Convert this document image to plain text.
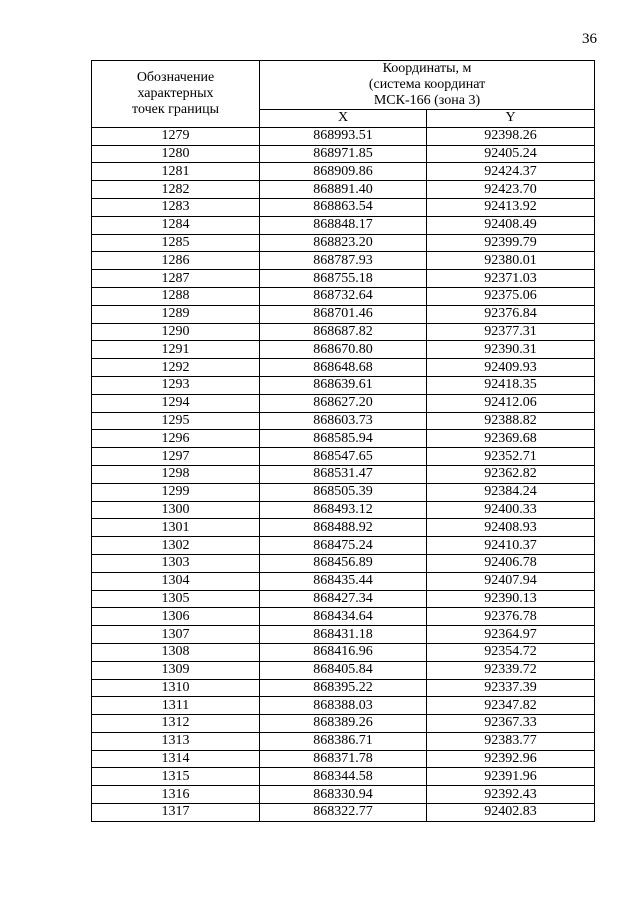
36
Обозначение
характерных
точек границы	Координаты, м
(система координат
МСК-166 (зона 3)	

	X	Y
1279	868993.51	92398.26
1280	868971.85	92405.24
1281	868909.86	92424.37
1282	868891.40	92423.70
1283	868863.54	92413.92
1284	868848.17	92408.49
1285	868823.20	92399.79
1286	868787.93	92380.01
1287	868755.18	92371.03
1288	868732.64	92375.06
1289	868701.46	92376.84
1290	868687.82	92377.31
1291	868670.80	92390.31
1292	868648.68	92409.93
1293	868639.61	92418.35
1294	868627.20	92412.06
1295	868603.73	92388.82
1296	868585.94	92369.68
1297	868547.65	92352.71
1298	868531.47	92362.82
1299	868505.39	92384.24
1300	868493.12	92400.33
1301	868488.92	92408.93
1302	868475.24	92410.37
1303	868456.89	92406.78
1304	868435.44	92407.94
1305	868427.34	92390.13
1306	868434.64	92376.78
1307	868431.18	92364.97
1308	868416.96	92354.72
1309	868405.84	92339.72
1310	868395.22	92337.39
1311	868388.03	92347.82
1312	868389.26	92367.33
1313	868386.71	92383.77
1314	868371.78	92392.96
1315	868344.58	92391.96
1316	868330.94	92392.43
1317	868322.77	92402.83
